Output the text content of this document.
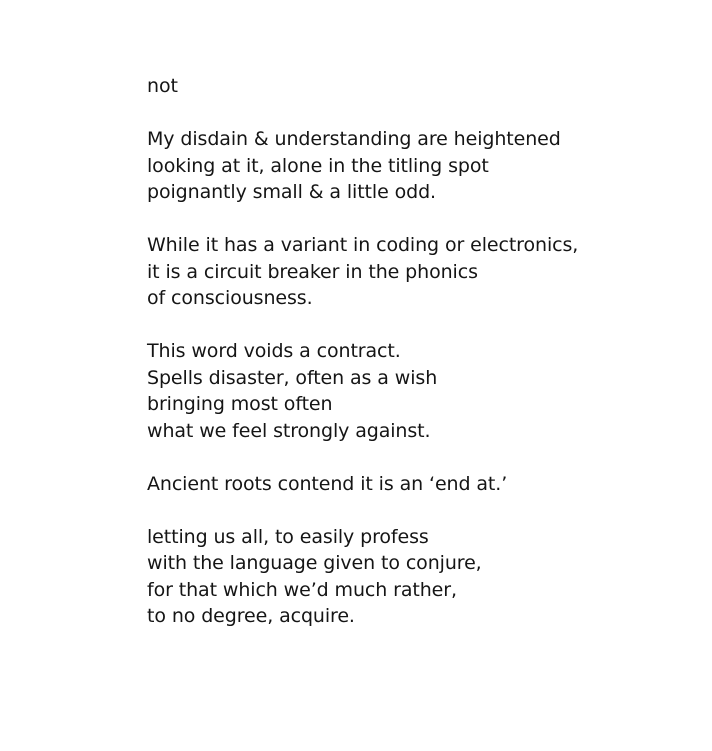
not
My disdain & understanding are heightened
looking at it, alone in the titling spot
poignantly small & a little odd.
While it has a variant in coding or electronics,
it is a circuit breaker in the phonics
of consciousness.
This word voids a contract.
Spells disaster, often as a wish
bringing most often
what we feel strongly against.
Ancient roots contend it is an ‘end at.’
letting us all, to easily profess
with the language given to conjure,
for that which we’d much rather,
to no degree, acquire.
